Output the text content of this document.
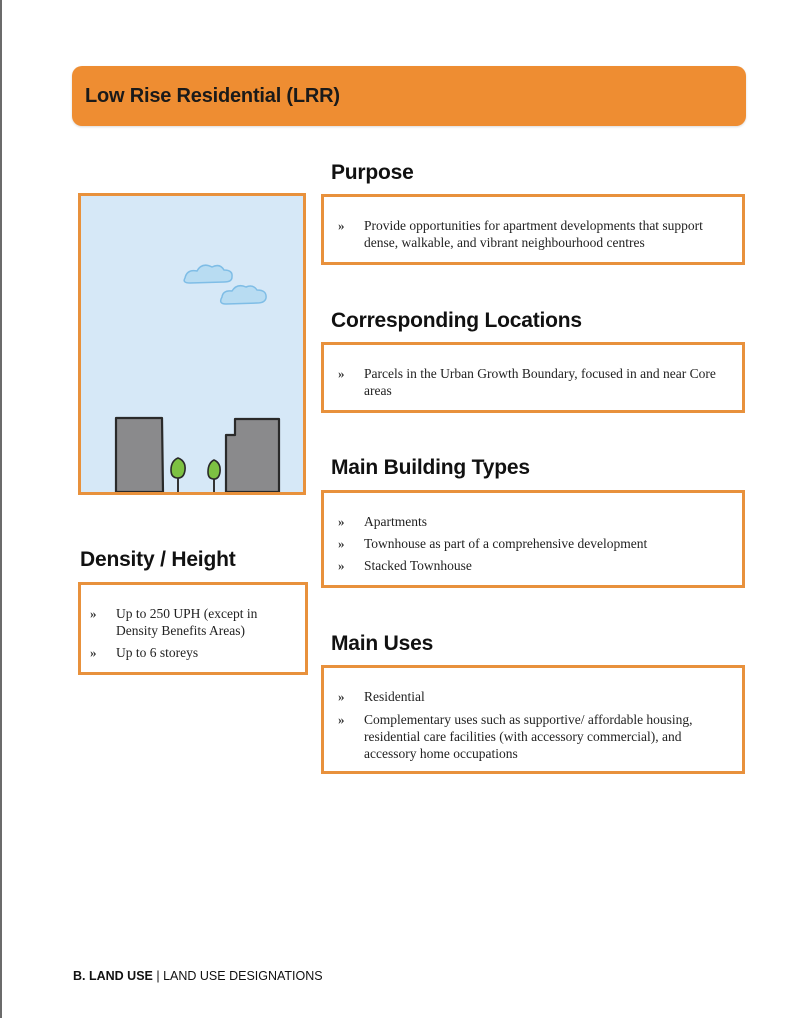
Low Rise Residential (LRR)
Purpose
» Provide opportunities for apartment developments that support dense, walkable, and vibrant neighbourhood centres
Corresponding Locations
» Parcels in the Urban Growth Boundary, focused in and near Core areas
Main Building Types
» Apartments
» Townhouse as part of a comprehensive development
» Stacked Townhouse
Main Uses
» Residential
» Complementary uses such as supportive/ affordable housing, residential care facilities (with accessory commercial), and accessory home occupations
Density / Height
» Up to 250 UPH (except in Density Benefits Areas)
» Up to 6 storeys
B. LAND USE | LAND USE DESIGNATIONS
